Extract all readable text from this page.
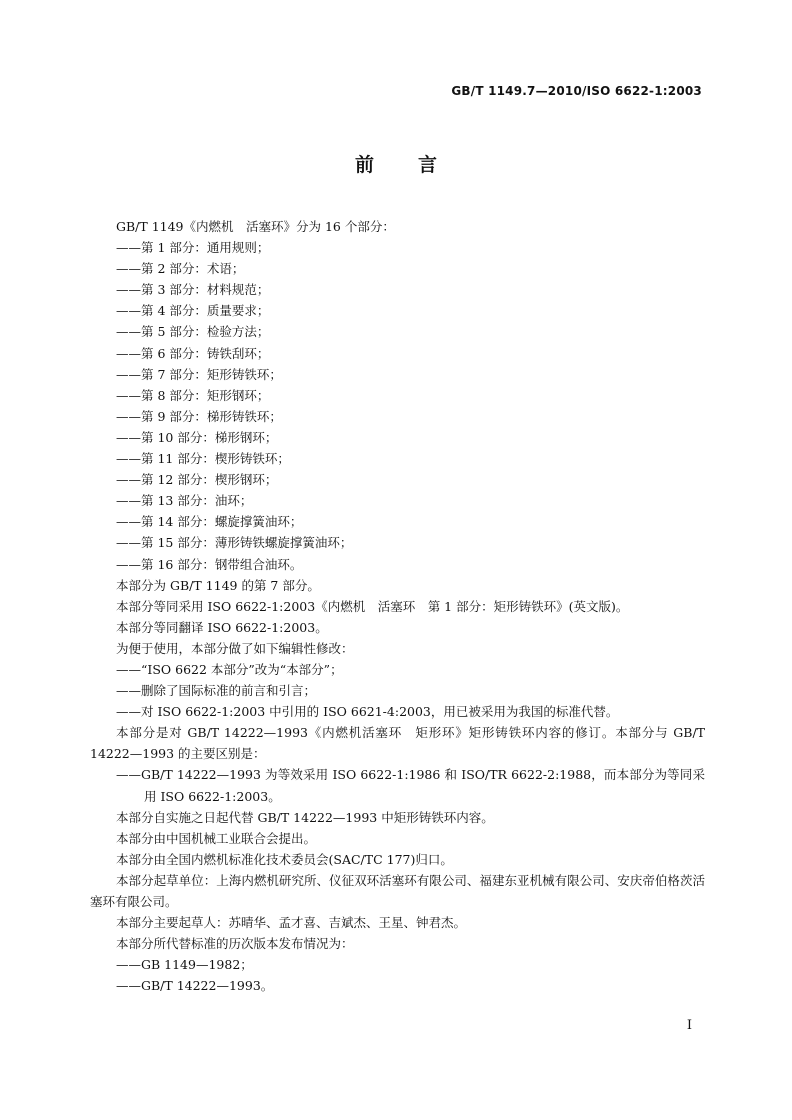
GB/T 1149.7—2010/ISO 6622-1:2003
前 言

GB/T 1149《内燃机　活塞环》分为 16 个部分：

——第 1 部分：通用规则；

——第 2 部分：术语；

——第 3 部分：材料规范；

——第 4 部分：质量要求；

——第 5 部分：检验方法；

——第 6 部分：铸铁刮环；

——第 7 部分：矩形铸铁环；

——第 8 部分：矩形钢环；

——第 9 部分：梯形铸铁环；

——第 10 部分：梯形钢环；

——第 11 部分：楔形铸铁环；

——第 12 部分：楔形钢环；

——第 13 部分：油环；

——第 14 部分：螺旋撑簧油环；

——第 15 部分：薄形铸铁螺旋撑簧油环；

——第 16 部分：钢带组合油环。

本部分为 GB/T 1149 的第 7 部分。

本部分等同采用 ISO 6622-1:2003《内燃机　活塞环　第 1 部分：矩形铸铁环》(英文版)。

本部分等同翻译 ISO 6622-1:2003。

为便于使用，本部分做了如下编辑性修改：

——“ISO 6622 本部分”改为“本部分”；

——删除了国际标准的前言和引言；

——对 ISO 6622-1:2003 中引用的 ISO 6621-4:2003，用已被采用为我国的标准代替。

本部分是对 GB/T 14222—1993《内燃机活塞环　矩形环》矩形铸铁环内容的修订。本部分与 GB/T 14222—1993 的主要区别是：

——GB/T 14222—1993 为等效采用 ISO 6622-1:1986 和 ISO/TR 6622-2:1988，而本部分为等同采用 ISO 6622-1:2003。

本部分自实施之日起代替 GB/T 14222—1993 中矩形铸铁环内容。

本部分由中国机械工业联合会提出。

本部分由全国内燃机标准化技术委员会(SAC/TC 177)归口。

本部分起草单位：上海内燃机研究所、仪征双环活塞环有限公司、福建东亚机械有限公司、安庆帝伯格茨活塞环有限公司。

本部分主要起草人：苏晴华、孟才喜、吉斌杰、王星、钟君杰。

本部分所代替标准的历次版本发布情况为：

——GB 1149—1982；

——GB/T 14222—1993。

I
